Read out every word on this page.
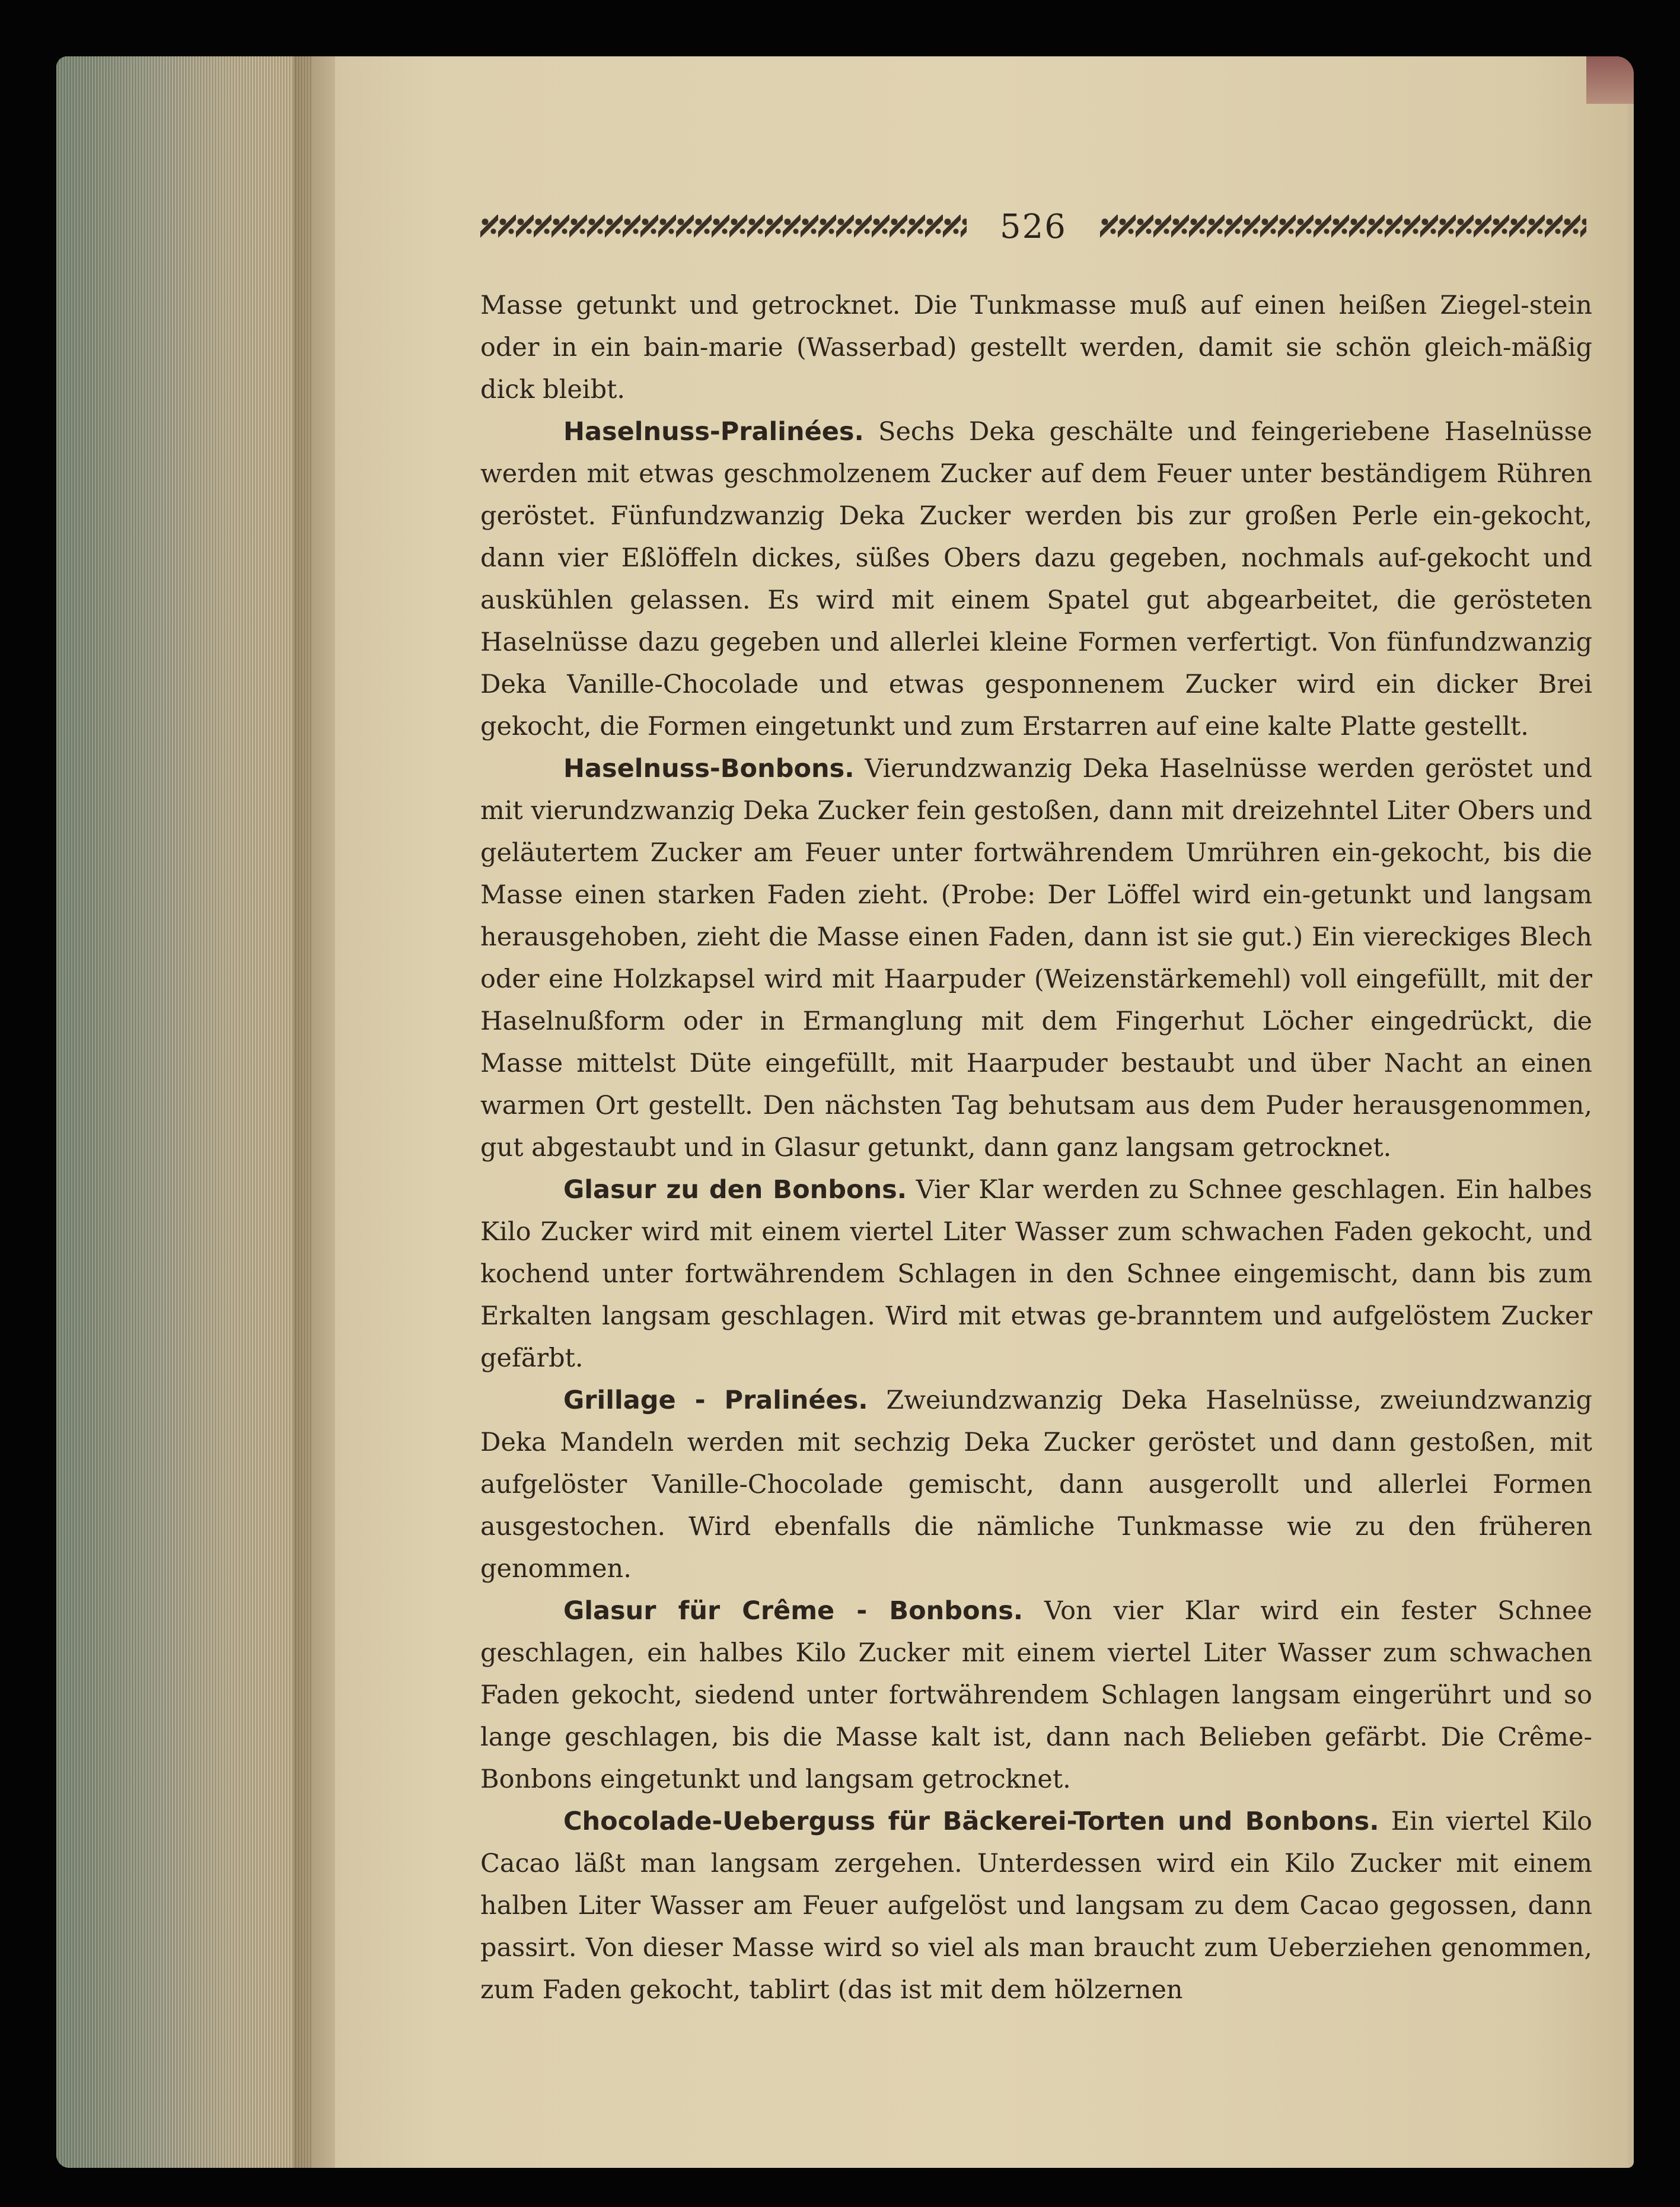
526

Masse getunkt und getrocknet. Die Tunkmasse muß auf einen heißen Ziegel-stein oder in ein bain-marie (Wasserbad) gestellt werden, damit sie schön gleich-mäßig dick bleibt.

Haselnuss-Pralinées. Sechs Deka geschälte und feingeriebene Haselnüsse werden mit etwas geschmolzenem Zucker auf dem Feuer unter beständigem Rühren geröstet. Fünfundzwanzig Deka Zucker werden bis zur großen Perle ein-gekocht, dann vier Eßlöffeln dickes, süßes Obers dazu gegeben, nochmals auf-gekocht und auskühlen gelassen. Es wird mit einem Spatel gut abgearbeitet, die gerösteten Haselnüsse dazu gegeben und allerlei kleine Formen verfertigt. Von fünfundzwanzig Deka Vanille-Chocolade und etwas gesponnenem Zucker wird ein dicker Brei gekocht, die Formen eingetunkt und zum Erstarren auf eine kalte Platte gestellt.

Haselnuss-Bonbons. Vierundzwanzig Deka Haselnüsse werden geröstet und mit vierundzwanzig Deka Zucker fein gestoßen, dann mit dreizehntel Liter Obers und geläutertem Zucker am Feuer unter fortwährendem Umrühren ein-gekocht, bis die Masse einen starken Faden zieht. (Probe: Der Löffel wird ein-getunkt und langsam herausgehoben, zieht die Masse einen Faden, dann ist sie gut.) Ein viereckiges Blech oder eine Holzkapsel wird mit Haarpuder (Weizenstärkemehl) voll eingefüllt, mit der Haselnußform oder in Ermanglung mit dem Fingerhut Löcher eingedrückt, die Masse mittelst Düte eingefüllt, mit Haarpuder bestaubt und über Nacht an einen warmen Ort gestellt. Den nächsten Tag behutsam aus dem Puder herausgenommen, gut abgestaubt und in Glasur getunkt, dann ganz langsam getrocknet.

Glasur zu den Bonbons. Vier Klar werden zu Schnee geschlagen. Ein halbes Kilo Zucker wird mit einem viertel Liter Wasser zum schwachen Faden gekocht, und kochend unter fortwährendem Schlagen in den Schnee eingemischt, dann bis zum Erkalten langsam geschlagen. Wird mit etwas ge-branntem und aufgelöstem Zucker gefärbt.

Grillage - Pralinées. Zweiundzwanzig Deka Haselnüsse, zweiundzwanzig Deka Mandeln werden mit sechzig Deka Zucker geröstet und dann gestoßen, mit aufgelöster Vanille-Chocolade gemischt, dann ausgerollt und allerlei Formen ausgestochen. Wird ebenfalls die nämliche Tunkmasse wie zu den früheren genommen.

Glasur für Crême - Bonbons. Von vier Klar wird ein fester Schnee geschlagen, ein halbes Kilo Zucker mit einem viertel Liter Wasser zum schwachen Faden gekocht, siedend unter fortwährendem Schlagen langsam eingerührt und so lange geschlagen, bis die Masse kalt ist, dann nach Belieben gefärbt. Die Crême-Bonbons eingetunkt und langsam getrocknet.

Chocolade-Ueberguss für Bäckerei-Torten und Bonbons. Ein viertel Kilo Cacao läßt man langsam zergehen. Unterdessen wird ein Kilo Zucker mit einem halben Liter Wasser am Feuer aufgelöst und langsam zu dem Cacao gegossen, dann passirt. Von dieser Masse wird so viel als man braucht zum Ueberziehen genommen, zum Faden gekocht, tablirt (das ist mit dem hölzernen
